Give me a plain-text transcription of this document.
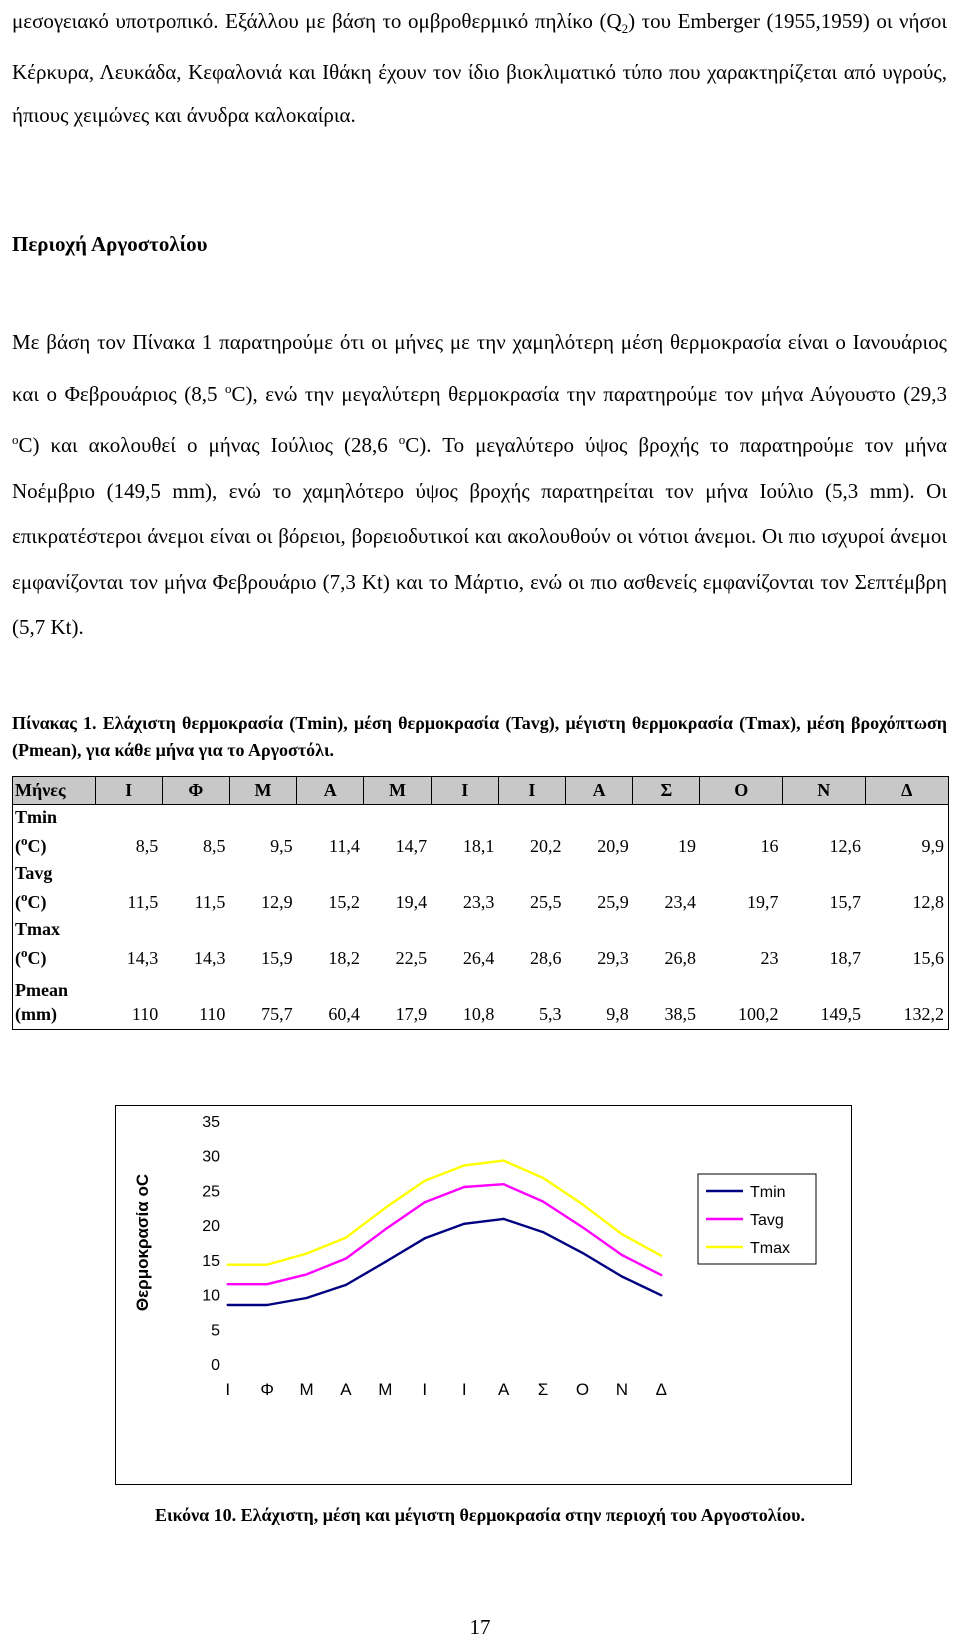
μεσογειακό υποτροπικό. Εξάλλου με βάση το ομβροθερμικό πηλίκο $(Q_2)$ του Emberger (1955,1959) οι νήσοι Κέρκυρα, Λευκάδα, Κεφαλονιά και Ιθάκη έχουν τον ίδιο βιοκλιματικό τύπο που χαρακτηρίζεται από υγρούς, ήπιους χειμώνες και άνυδρα καλοκαίρια.

Περιοχή Αργοστολίου

Με βάση τον Πίνακα 1 παρατηρούμε ότι οι μήνες με την χαμηλότερη μέση θερμοκρασία είναι ο Ιανουάριος και ο Φεβρουάριος (8,5 $^o$C), ενώ την μεγαλύτερη θερμοκρασία την παρατηρούμε τον μήνα Αύγουστο (29,3 $^o$C) και ακολουθεί ο μήνας Ιούλιος (28,6 $^o$C). Το μεγαλύτερο ύψος βροχής το παρατηρούμε τον μήνα Νοέμβριο (149,5 mm), ενώ το χαμηλότερο ύψος βροχής παρατηρείται τον μήνα Ιούλιο (5,3 mm). Οι επικρατέστεροι άνεμοι είναι οι βόρειοι, βορειοδυτικοί και ακολουθούν οι νότιοι άνεμοι. Οι πιο ισχυροί άνεμοι εμφανίζονται τον μήνα Φεβρουάριο (7,3 Kt) και το Μάρτιο, ενώ οι πιο ασθενείς εμφανίζονται τον Σεπτέμβρη (5,7 Kt).

Πίνακας 1. Ελάχιστη θερμοκρασία (Tmin), μέση θερμοκρασία (Tavg), μέγιστη θερμοκρασία (Tmax), μέση βροχόπτωση (Pmean), για κάθε μήνα για το Αργοστόλι.

Μήνες	Ι	Φ	Μ	Α	Μ	Ι	Ι	Α	Σ	Ο	Ν	Δ
Tmin
($^o$C)	8,5	8,5	9,5	11,4	14,7	18,1	20,2	20,9	19	16	12,6	9,9
Tavg
($^o$C)	11,5	11,5	12,9	15,2	19,4	23,3	25,5	25,9	23,4	19,7	15,7	12,8
Tmax
($^o$C)	14,3	14,3	15,9	18,2	22,5	26,4	28,6	29,3	26,8	23	18,7	15,6
Pmean
(mm)	110	110	75,7	60,4	17,9	10,8	5,3	9,8	38,5	100,2	149,5	132,2
0
5
10
15
20
25
30
35
Ι Φ Μ Α Μ Ι Ι Α Σ Ο Ν Δ
Θερμοκρασία oC	Tmin
Tavg
Tmax

Εικόνα 10. Ελάχιστη, μέση και μέγιστη θερμοκρασία στην περιοχή του Αργοστολίου.

17
